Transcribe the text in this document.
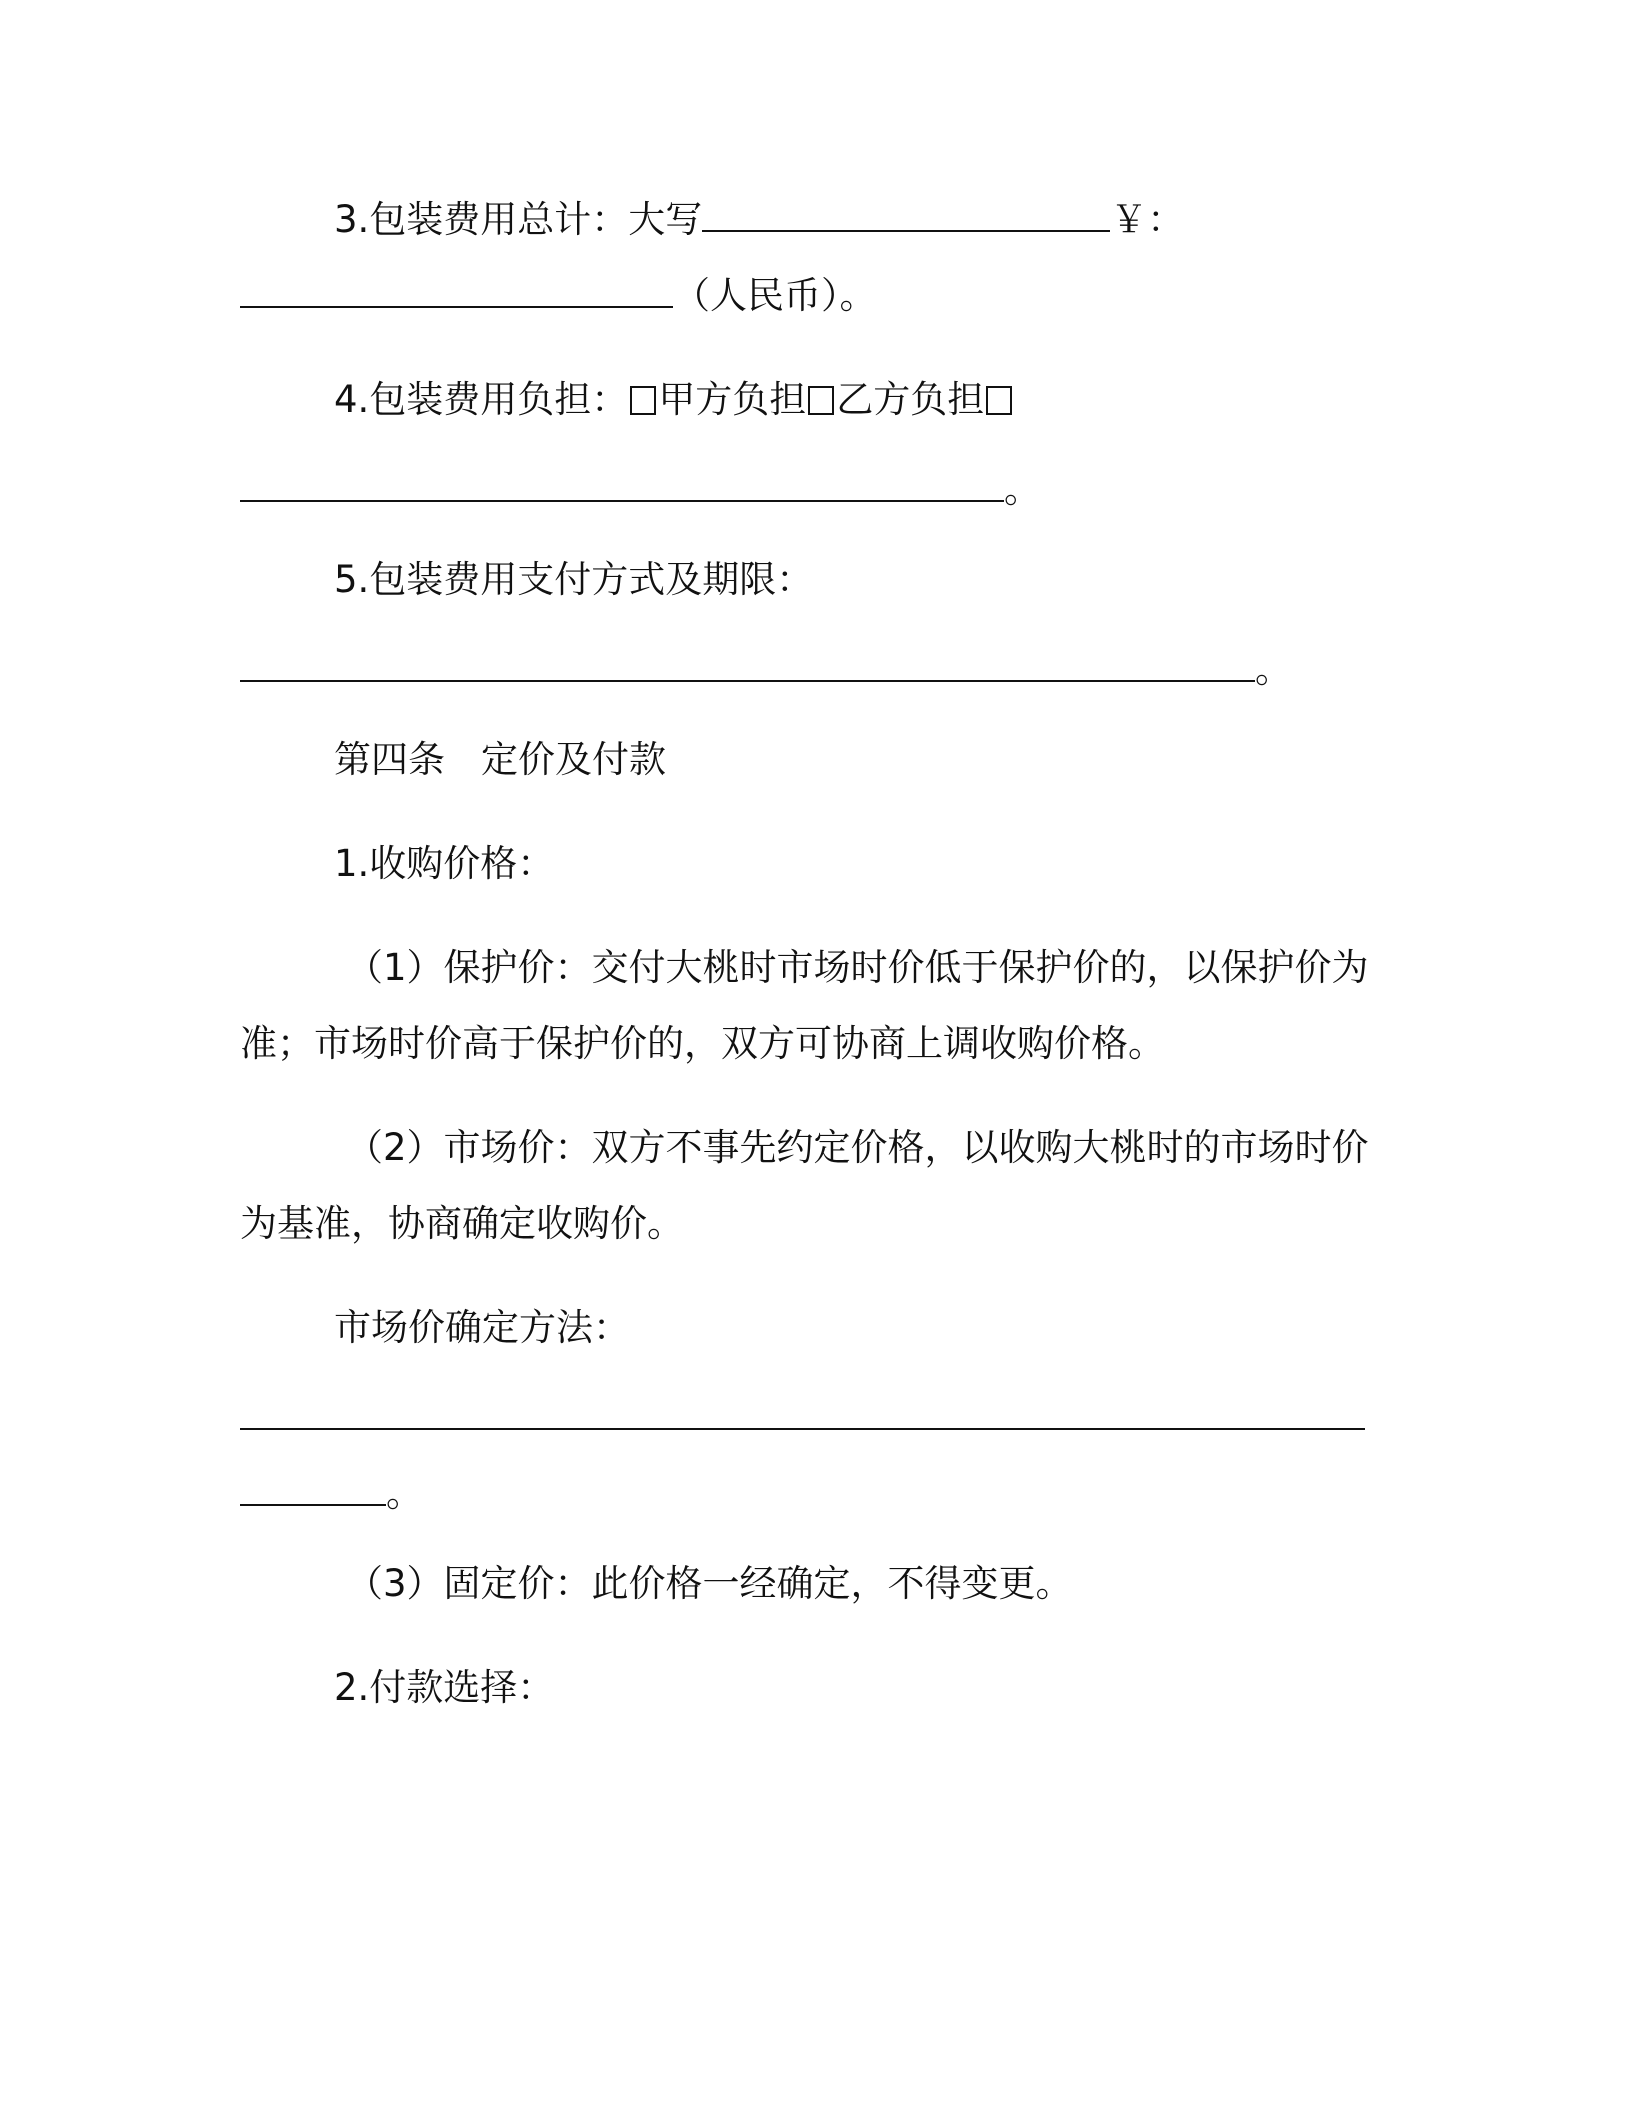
3.包装费用总计：大写	￥：
（人民币）。
4.包装费用负担： 甲方负担 乙方负担
。
5.包装费用支付方式及期限：
。
第四条 定价及付款
1.收购价格：
（1）保护价：交付大桃时市场时价低于保护价的，以保护价为
准；市场时价高于保护价的，双方可协商上调收购价格。
（2）市场价：双方不事先约定价格，以收购大桃时的市场时价
为基准，协商确定收购价。
市场价确定方法：
。
（3）固定价：此价格一经确定，不得变更。
2.付款选择：
